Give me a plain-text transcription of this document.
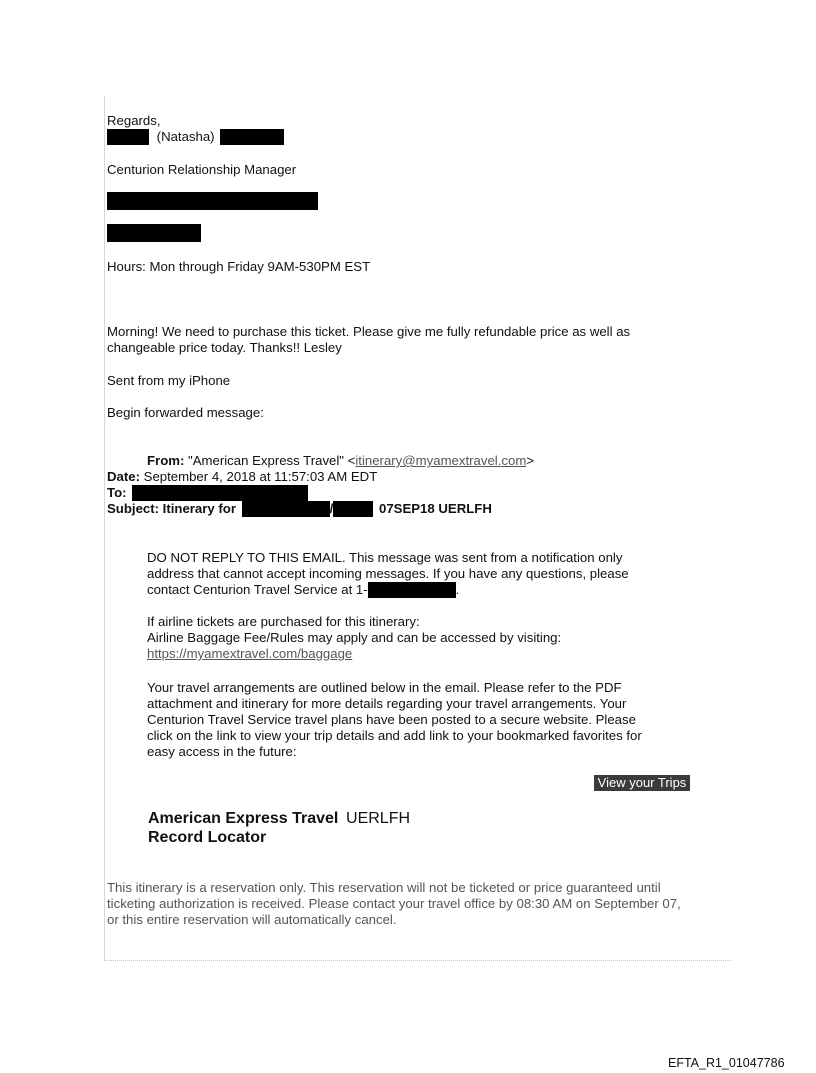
Regards,
(Natasha)
Centurion Relationship Manager
Hours: Mon through Friday 9AM-530PM EST
Morning! We need to purchase this ticket. Please give me fully refundable price as well as
changeable price today. Thanks!! Lesley
Sent from my iPhone
Begin forwarded message:
From: "American Express Travel" <itinerary@myamextravel.com>
Date: September 4, 2018 at 11:57:03 AM EDT
To:
Subject: Itinerary for	/	07SEP18 UERLFH
DO NOT REPLY TO THIS EMAIL. This message was sent from a notification only
address that cannot accept incoming messages. If you have any questions, please
contact Centurion Travel Service at 1-	.
If airline tickets are purchased for this itinerary:
Airline Baggage Fee/Rules may apply and can be accessed by visiting:
https://myamextravel.com/baggage
Your travel arrangements are outlined below in the email. Please refer to the PDF
attachment and itinerary for more details regarding your travel arrangements. Your
Centurion Travel Service travel plans have been posted to a secure website. Please
click on the link to view your trip details and add link to your bookmarked favorites for
easy access in the future:
View your Trips
American Express Travel UERLFH
Record Locator
This itinerary is a reservation only. This reservation will not be ticketed or price guaranteed until
ticketing authorization is received. Please contact your travel office by 08:30 AM on September 07,
or this entire reservation will automatically cancel.
EFTA_R1_01047786
